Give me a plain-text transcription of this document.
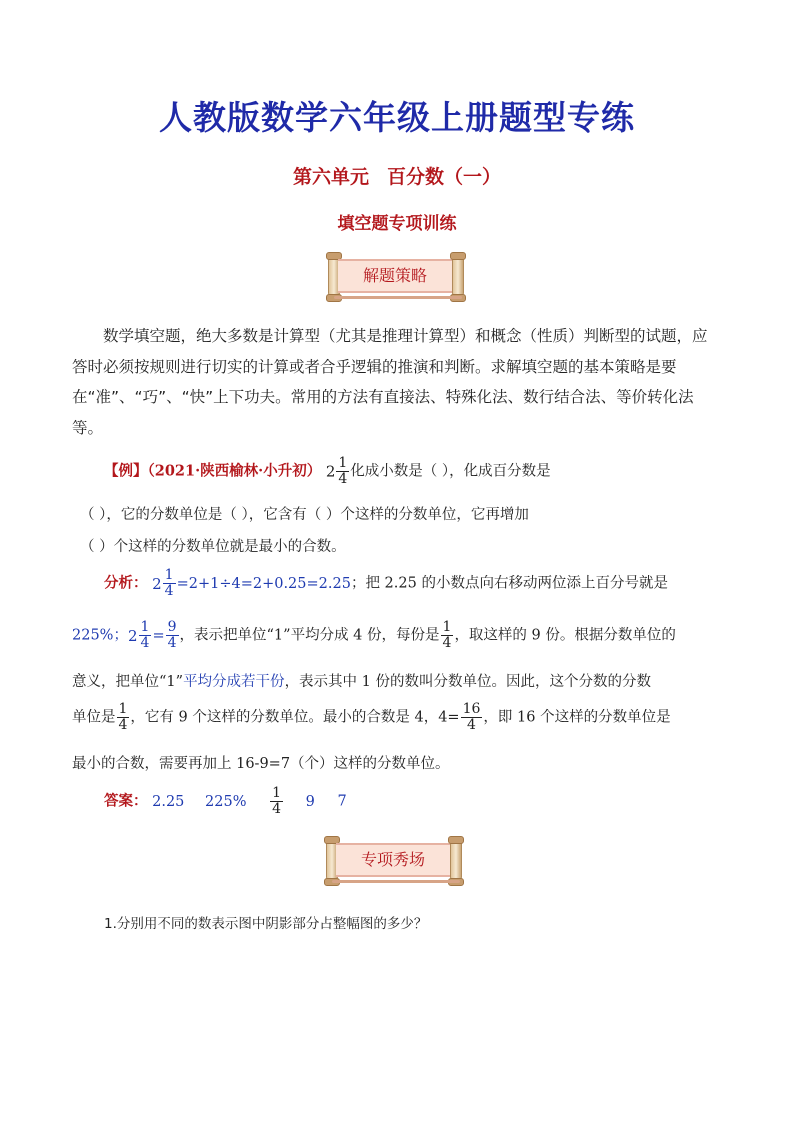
人教版数学六年级上册题型专练
第六单元 百分数（一）
填空题专项训练
解题策略
数学填空题，绝大多数是计算型（尤其是推理计算型）和概念（性质）判断型的试题，应答时必须按规则进行切实的计算或者合乎逻辑的推演和判断。求解填空题的基本策略是要在“准”、“巧”、“快”上下功夫。常用的方法有直接法、特殊化法、数行结合法、等价转化法等。
【例】（2021·陕西榆林·小升初） $2 \frac{1}{4}$ 化成小数是（ ），化成百分数是
（ ），它的分数单位是（ ），它含有（ ）个这样的分数单位，它再增加
（ ）个这样的分数单位就是最小的合数。
分析： $2 \frac{1}{4} =2+1\div 4=2+0.25=2.25$；把 2.25 的小数点向右移动两位添上百分号就是
225%；$2 \frac{1}{4} = \frac{9}{4}$ ，表示把单位“1”平均分成 4 份，每份是 $\frac{1}{4}$ ，取这样的 9 份。根据分数单位的
意义，把单位“1”平均分成若干份，表示其中 1 份的数叫分数单位。因此，这个分数的分数
单位是 $\frac{1}{4}$ ，它有 9 个这样的分数单位。最小的合数是 4，$4= \frac{16}{4}$ ，即 16 个这样的分数单位是
最小的合数，需要再加上 16-9=7（个）这样的分数单位。
答案： 2.25 $225\% \frac{1}{4} 9$ 7
专项秀场
1.分别用不同的数表示图中阴影部分占整幅图的多少？
